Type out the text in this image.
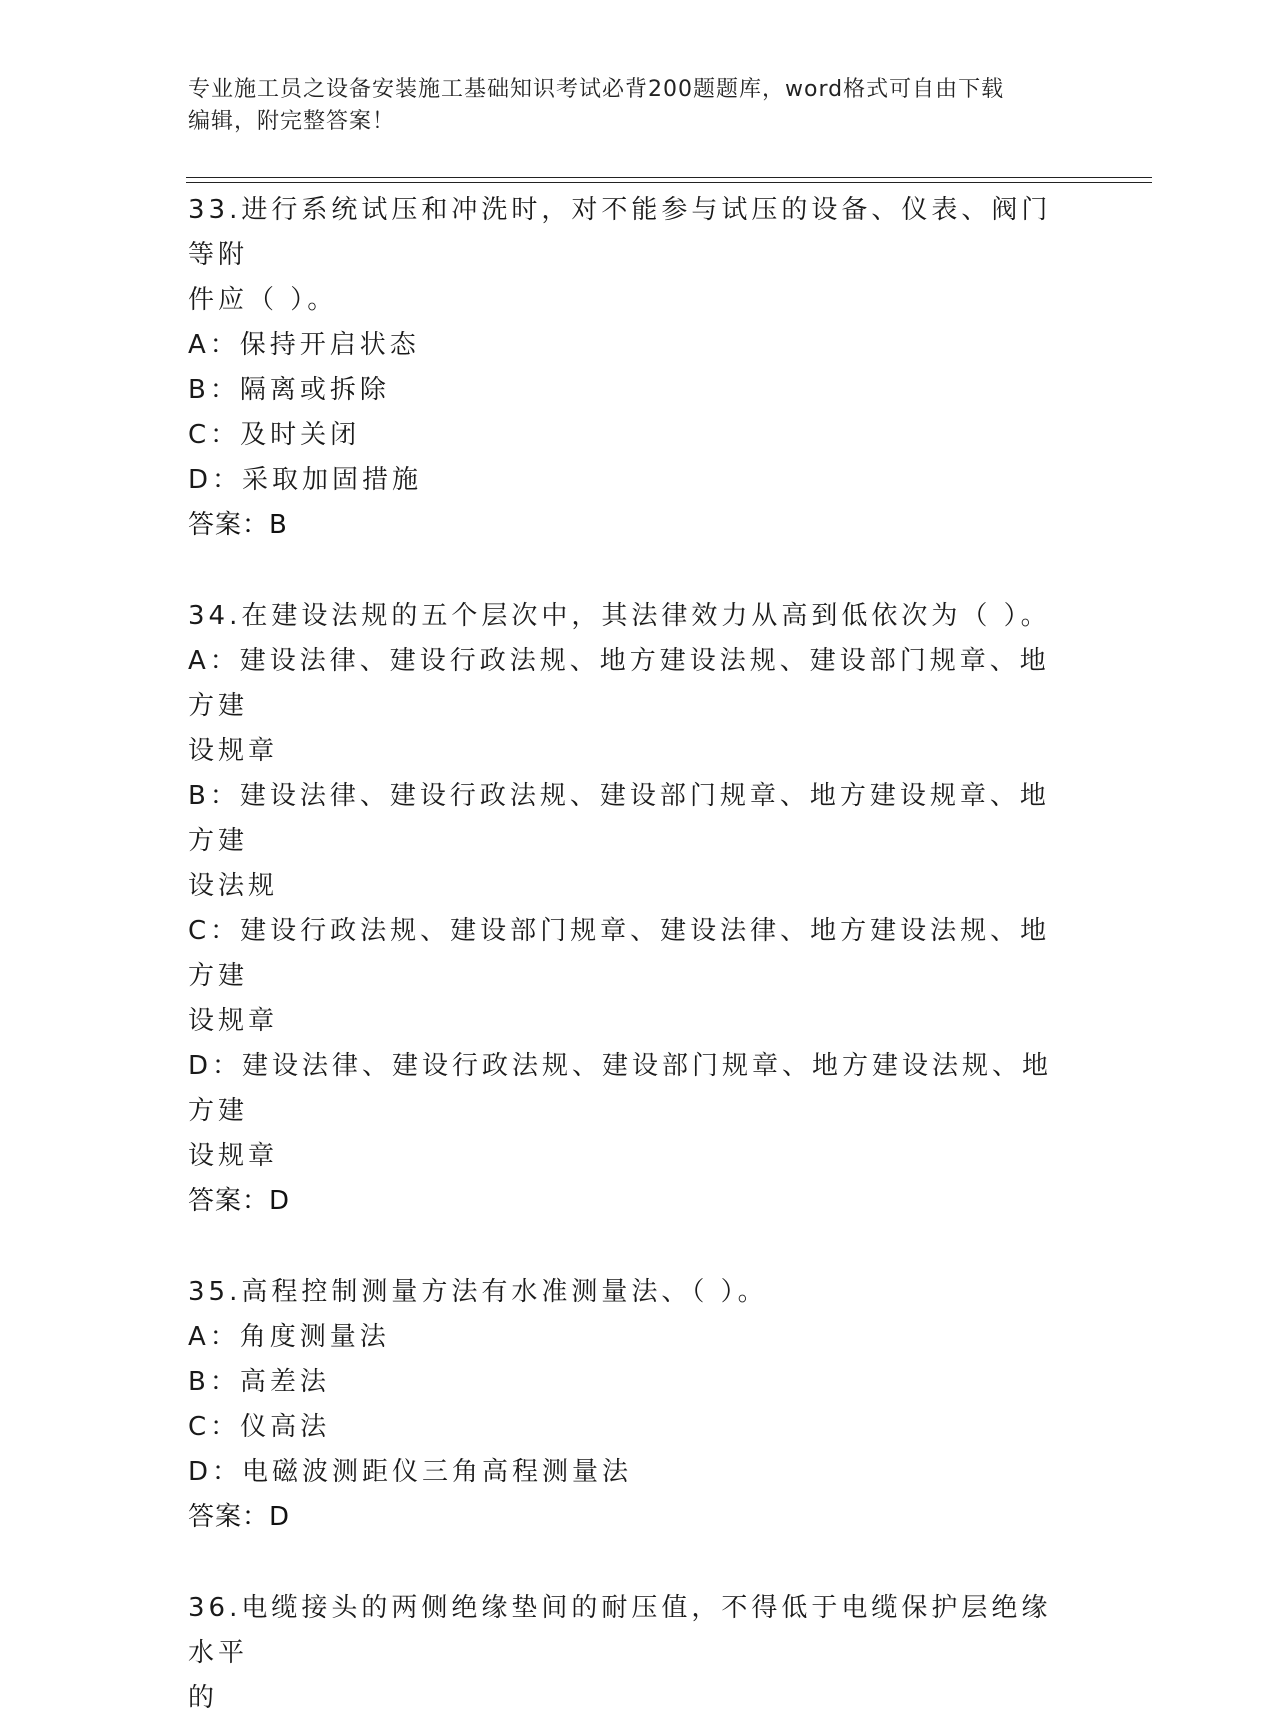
专业施工员之设备安装施工基础知识考试必背200题题库，word格式可自由下载
编辑，附完整答案！
33.进行系统试压和冲洗时，对不能参与试压的设备、仪表、阀门等附
件应（ ）。
A：保持开启状态
B：隔离或拆除
C：及时关闭
D：采取加固措施
答案：B
34.在建设法规的五个层次中，其法律效力从高到低依次为（ ）。
A：建设法律、建设行政法规、地方建设法规、建设部门规章、地方建
设规章
B：建设法律、建设行政法规、建设部门规章、地方建设规章、地方建
设法规
C：建设行政法规、建设部门规章、建设法律、地方建设法规、地方建
设规章
D：建设法律、建设行政法规、建设部门规章、地方建设法规、地方建
设规章
答案：D
35.高程控制测量方法有水准测量法、（ ）。
A：角度测量法
B：高差法
C：仪高法
D：电磁波测距仪三角高程测量法
答案：D
36.电缆接头的两侧绝缘垫间的耐压值，不得低于电缆保护层绝缘水平
的
